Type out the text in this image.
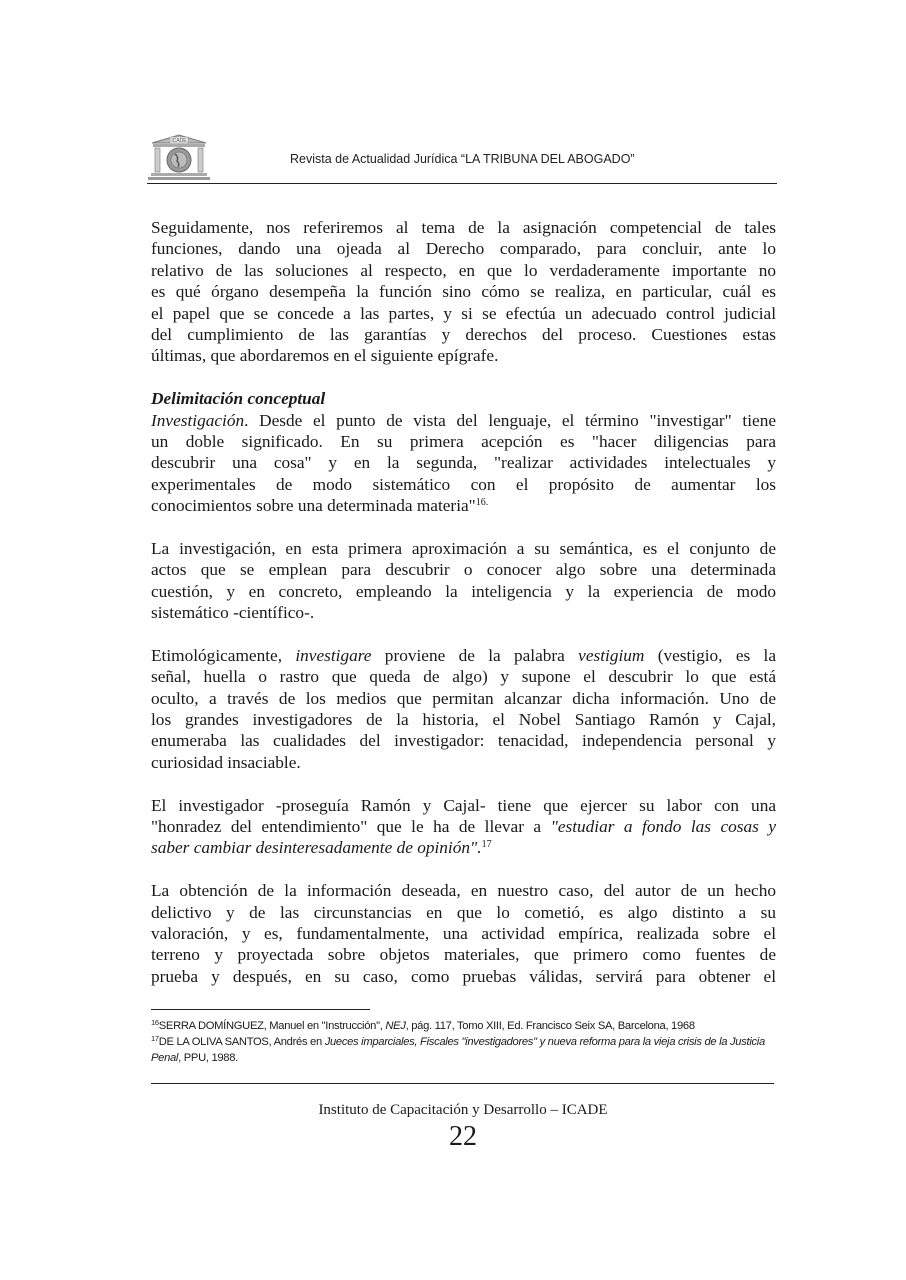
ICADE
Revista de Actualidad Jurídica “LA TRIBUNA DEL ABOGADO”
Seguidamente, nos referiremos al tema de la asignación competencial de tales
funciones, dando una ojeada al Derecho comparado, para concluir, ante lo
relativo de las soluciones al respecto, en que lo verdaderamente importante no
es qué órgano desempeña la función sino cómo se realiza, en particular, cuál es
el papel que se concede a las partes, y si se efectúa un adecuado control judicial
del cumplimiento de las garantías y derechos del proceso. Cuestiones estas
últimas, que abordaremos en el siguiente epígrafe.
Delimitación conceptual
Investigación. Desde el punto de vista del lenguaje, el término "investigar" tiene
un doble significado. En su primera acepción es "hacer diligencias para
descubrir una cosa" y en la segunda, "realizar actividades intelectuales y
experimentales de modo sistemático con el propósito de aumentar los
conocimientos sobre una determinada materia"$^{16.}$
La investigación, en esta primera aproximación a su semántica, es el conjunto de
actos que se emplean para descubrir o conocer algo sobre una determinada
cuestión, y en concreto, empleando la inteligencia y la experiencia de modo
sistemático -científico-.
Etimológicamente, investigare proviene de la palabra vestigium (vestigio, es la
señal, huella o rastro que queda de algo) y supone el descubrir lo que está
oculto, a través de los medios que permitan alcanzar dicha información. Uno de
los grandes investigadores de la historia, el Nobel Santiago Ramón y Cajal,
enumeraba las cualidades del investigador: tenacidad, independencia personal y
curiosidad insaciable.
El investigador -proseguía Ramón y Cajal- tiene que ejercer su labor con una
"honradez del entendimiento" que le ha de llevar a "estudiar a fondo las cosas y
saber cambiar desinteresadamente de opinión".$^{17}$
La obtención de la información deseada, en nuestro caso, del autor de un hecho
delictivo y de las circunstancias en que lo cometió, es algo distinto a su
valoración, y es, fundamentalmente, una actividad empírica, realizada sobre el
terreno y proyectada sobre objetos materiales, que primero como fuentes de
prueba y después, en su caso, como pruebas válidas, servirá para obtener el
$^{16}$SERRA DOMÍNGUEZ, Manuel en "Instrucción", NEJ, pág. 117, Tomo XIII, Ed. Francisco Seix SA, Barcelona, 1968
$^{17}$DE LA OLIVA SANTOS, Andrés en Jueces imparciales, Fiscales "investigadores" y nueva reforma para la vieja crisis de la Justicia Penal, PPU, 1988.
Instituto de Capacitación y Desarrollo – ICADE
22
